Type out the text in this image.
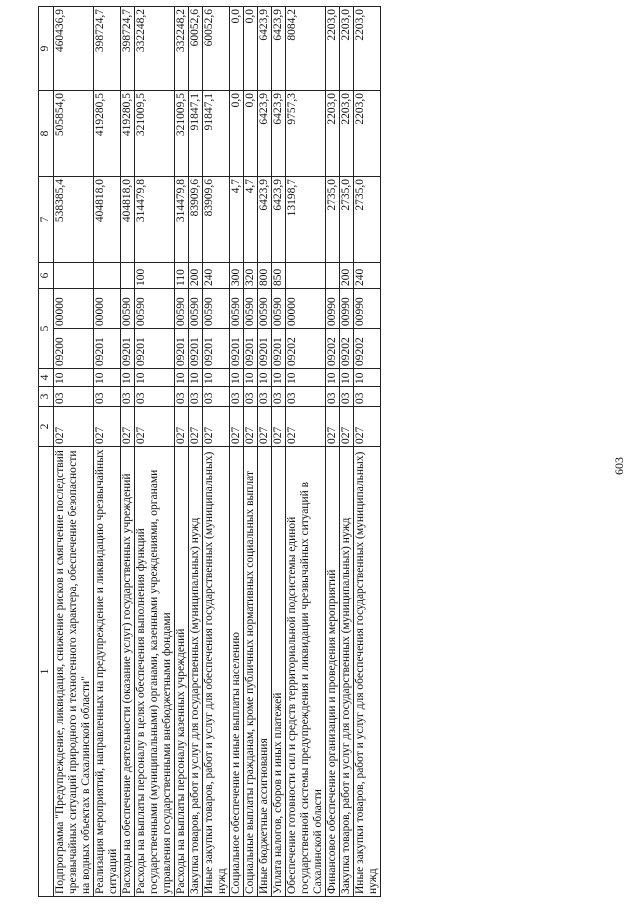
603
1	2	3	4	5		6	7	8	9
Подпрограмма "Предупреждение, ликвидация, снижение рисков и смягчение последствий чрезвычайных ситуаций природного и техногенного характера, обеспечение безопасности на водных объектах в Сахалинской области"	027	03	10	09200	00000		538385,4	505854,0	460436,9
Реализация мероприятий, направленных на предупреждение и ликвидацию чрезвычайных ситуаций	027	03	10	09201	00000		404818,0	419280,5	398724,7
Расходы на обеспечение деятельности (оказание услуг) государственных учреждений	027	03	10	09201	00590		404818,0	419280,5	398724,7
Расходы на выплаты персоналу в целях обеспечения выполнения функций государственными (муниципальными) органами, казенными учреждениями, органами управления государственными внебюджетными фондами	027	03	10	09201	00590	100	314479,8	321009,5	332248,2
Расходы на выплаты персоналу казенных учреждений	027	03	10	09201	00590	110	314479,8	321009,5	332248,2
Закупка товаров, работ и услуг для государственных (муниципальных) нужд	027	03	10	09201	00590	200	83909,6	91847,1	60052,6
Иные закупки товаров, работ и услуг для обеспечения государственных (муниципальных) нужд	027	03	10	09201	00590	240	83909,6	91847,1	60052,6
Социальное обеспечение и иные выплаты населению	027	03	10	09201	00590	300	4,7	0,0	0,0
Социальные выплаты гражданам, кроме публичных нормативных социальных выплат	027	03	10	09201	00590	320	4,7	0,0	0,0
Иные бюджетные ассигнования	027	03	10	09201	00590	800	6423,9	6423,9	6423,9
Уплата налогов, сборов и иных платежей	027	03	10	09201	00590	850	6423,9	6423,9	6423,9
Обеспечение готовности сил и средств территориальной подсистемы единой государственной системы предупреждения и ликвидации чрезвычайных ситуаций в Сахалинской области	027	03	10	09202	00000		13198,7	9757,3	8084,2
Финансовое обеспечение организации и проведения мероприятий	027	03	10	09202	00990		2735,0	2203,0	2203,0
Закупка товаров, работ и услуг для государственных (муниципальных) нужд	027	03	10	09202	00990	200	2735,0	2203,0	2203,0
Иные закупки товаров, работ и услуг для обеспечения государственных (муниципальных) нужд	027	03	10	09202	00990	240	2735,0	2203,0	2203,0
